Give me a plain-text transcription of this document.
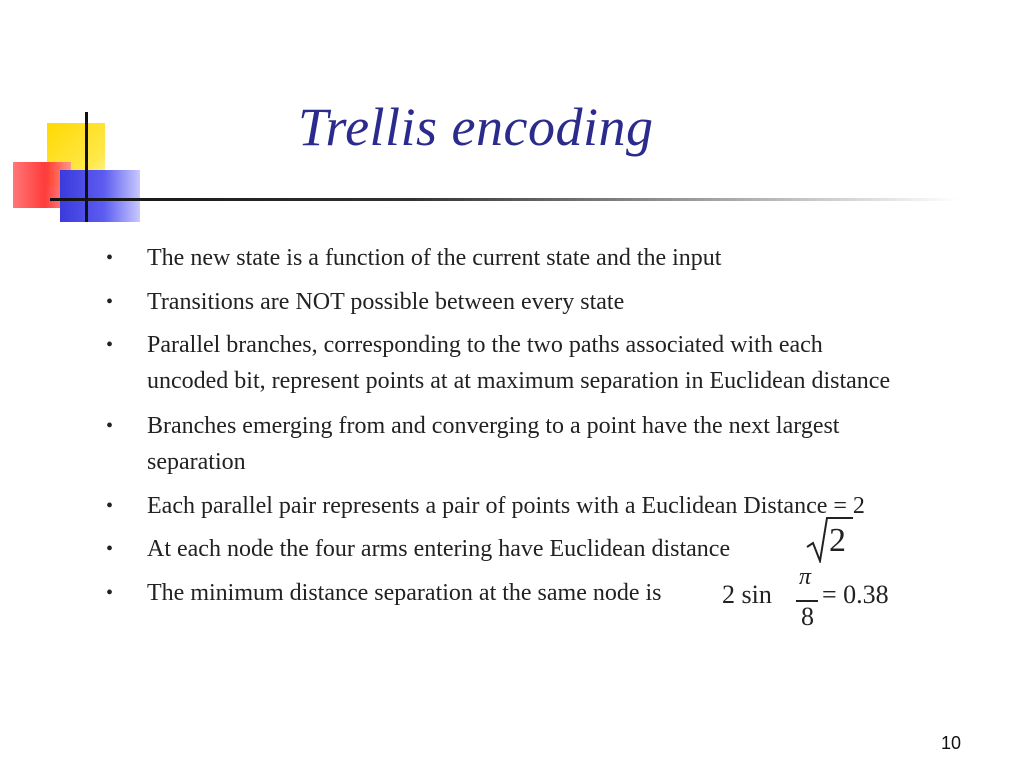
Trellis encoding
• The new state is a function of the current state and the input
• Transitions are NOT possible between every state
• Parallel branches, corresponding to the two paths associated with each
uncoded bit, represent points at at maximum separation in Euclidean distance
• Branches emerging from and converging to a point have the next largest
separation
• Each parallel pair represents a pair of points with a Euclidean Distance = 2
• At each node the four arms entering have Euclidean distance
• The minimum distance separation at the same node is
2
2 sin
π
8
= 0.38
10
